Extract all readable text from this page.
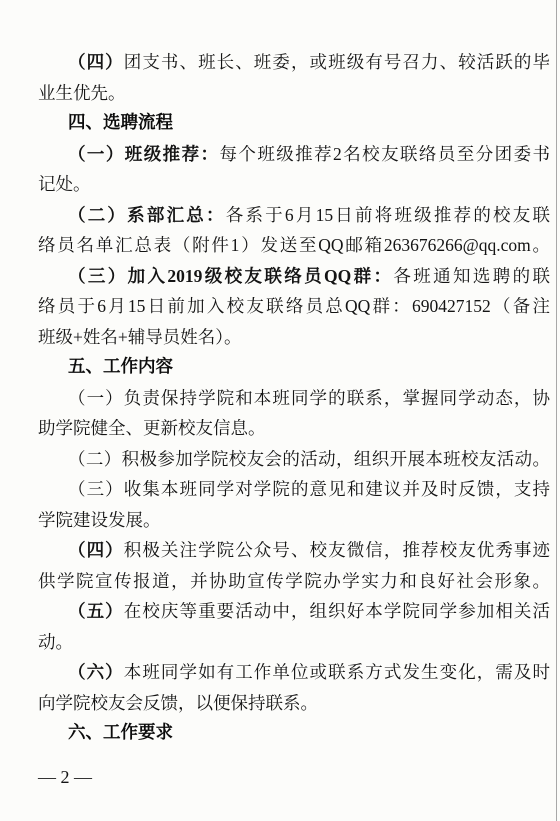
（四）团支书、班长、班委，或班级有号召力、较活跃的毕
业生优先。
四、选聘流程
（一）班级推荐：每个班级推荐2名校友联络员至分团委书
记处。
（二）系部汇总：各系于6月15日前将班级推荐的校友联
络员名单汇总表（附件1）发送至QQ邮箱263676266@qq.com。
（三）加入2019级校友联络员QQ群：各班通知选聘的联
络员于6月15日前加入校友联络员总QQ群：690427152（备注
班级+姓名+辅导员姓名）。
五、工作内容
（一）负责保持学院和本班同学的联系，掌握同学动态，协
助学院健全、更新校友信息。
（二）积极参加学院校友会的活动，组织开展本班校友活动。
（三）收集本班同学对学院的意见和建议并及时反馈，支持
学院建设发展。
（四）积极关注学院公众号、校友微信，推荐校友优秀事迹
供学院宣传报道，并协助宣传学院办学实力和良好社会形象。
（五）在校庆等重要活动中，组织好本学院同学参加相关活
动。
（六）本班同学如有工作单位或联系方式发生变化，需及时
向学院校友会反馈，以便保持联系。
六、工作要求
— 2 —
